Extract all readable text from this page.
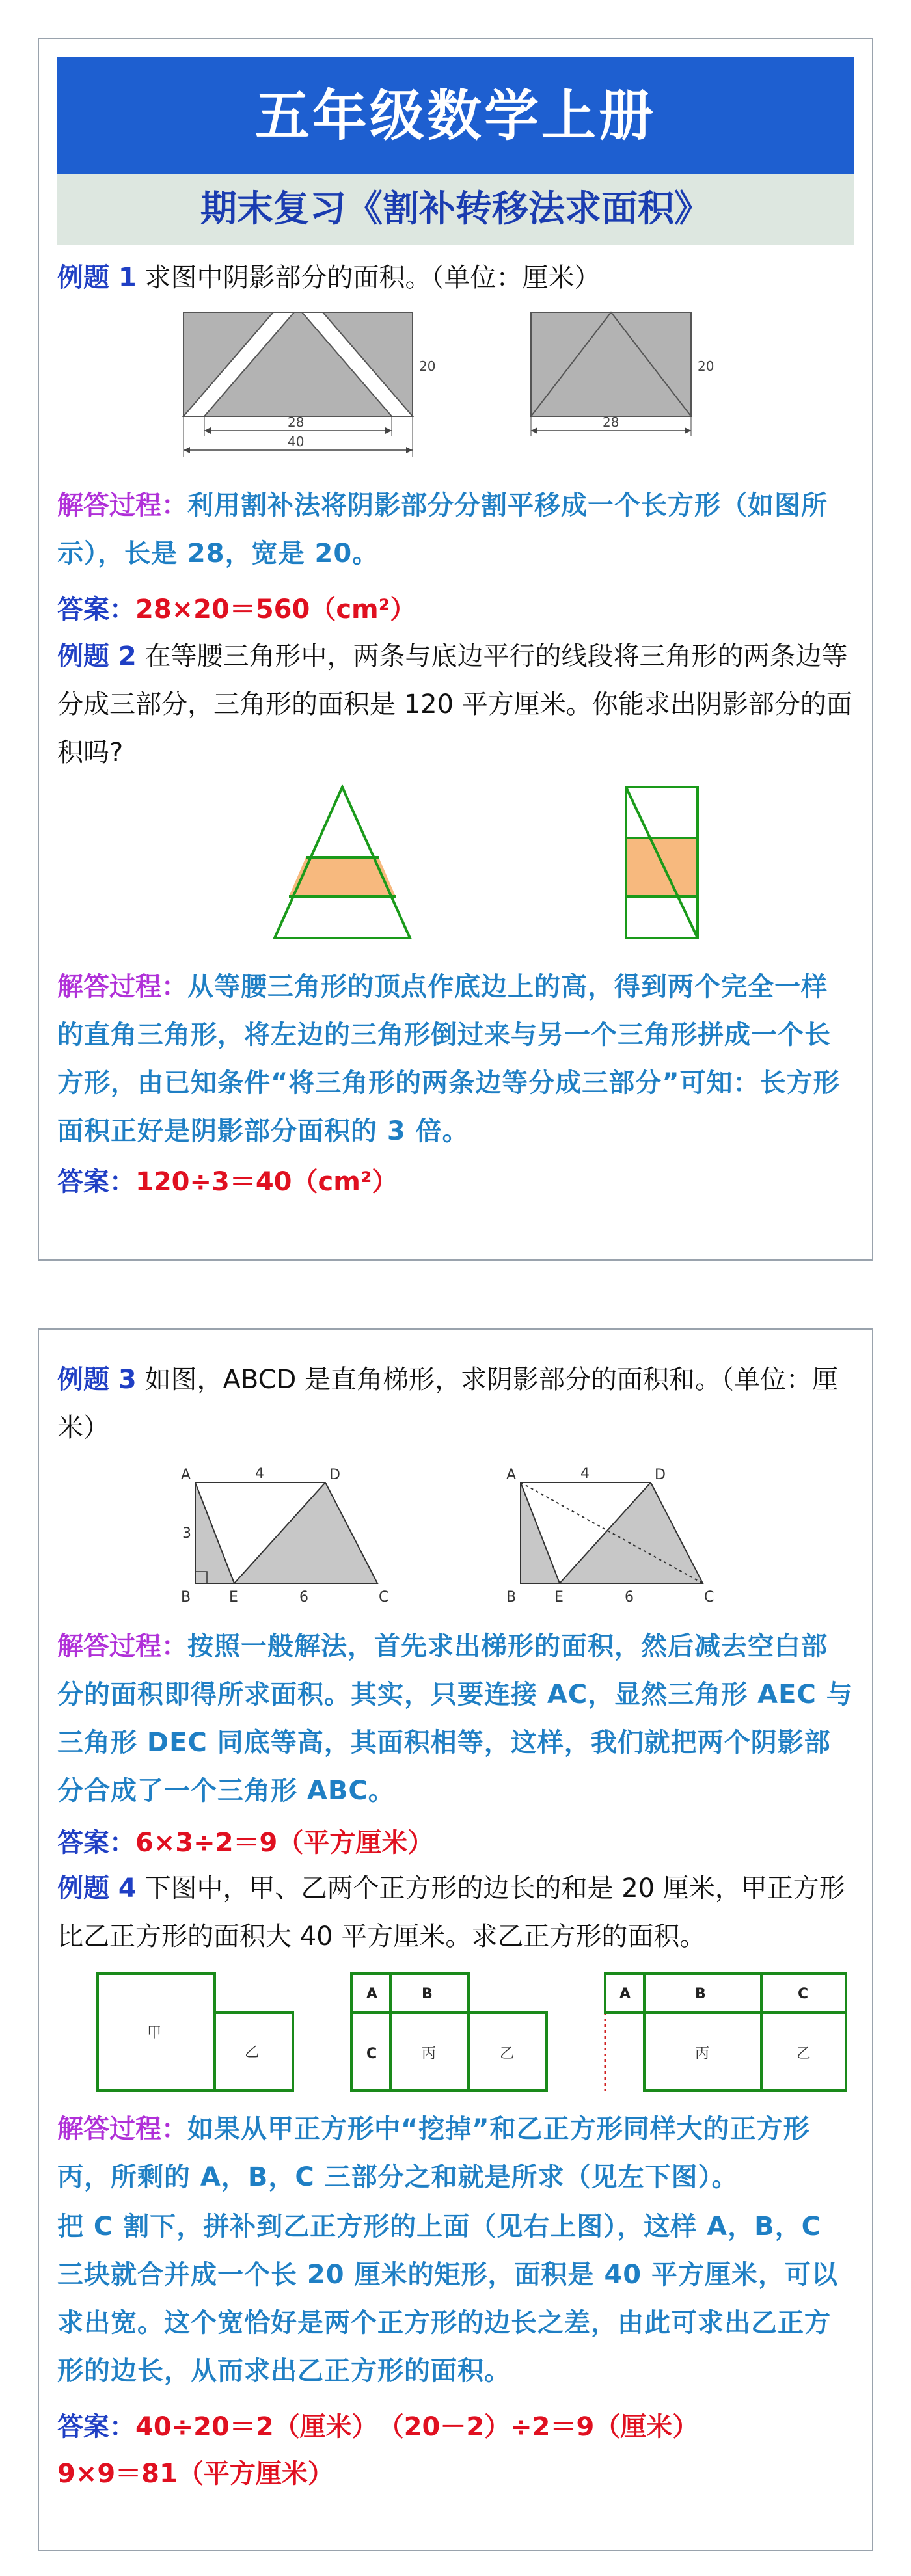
五年级数学上册
期末复习《割补转移法求面积》
例题 1 求图中阴影部分的面积。（单位：厘米）
20
28
40
20
28
解答过程：利用割补法将阴影部分分割平移成一个长方形（如图所示），长是 28，宽是 20。
答案：28×20＝560（cm²）
例题 2 在等腰三角形中，两条与底边平行的线段将三角形的两条边等分成三部分，三角形的面积是 120 平方厘米。你能求出阴影部分的面积吗?
解答过程：从等腰三角形的顶点作底边上的高，得到两个完全一样的直角三角形，将左边的三角形倒过来与另一个三角形拼成一个长方形，由已知条件“将三角形的两条边等分成三部分”可知：长方形面积正好是阴影部分面积的 3 倍。
答案：120÷3＝40（cm²）
例题 3 如图，ABCD 是直角梯形，求阴影部分的面积和。（单位：厘米）
A	D
B	E	C
4
3
6
A	D
B	E	C
4
6
解答过程：按照一般解法，首先求出梯形的面积，然后减去空白部分的面积即得所求面积。其实，只要连接 AC，显然三角形 AEC 与三角形 DEC 同底等高，其面积相等，这样，我们就把两个阴影部分合成了一个三角形 ABC。
答案：6×3÷2＝9（平方厘米）
例题 4 下图中，甲、乙两个正方形的边长的和是 20 厘米，甲正方形比乙正方形的面积大 40 平方厘米。求乙正方形的面积。
甲
乙
A	B
C	丙	乙
A	B	C
丙	乙
解答过程：如果从甲正方形中“挖掉”和乙正方形同样大的正方形丙，所剩的 A，B，C 三部分之和就是所求（见左下图）。
把 C 割下，拼补到乙正方形的上面（见右上图），这样 A，B，C 三块就合并成一个长 20 厘米的矩形，面积是 40 平方厘米，可以求出宽。这个宽恰好是两个正方形的边长之差，由此可求出乙正方形的边长，从而求出乙正方形的面积。
答案：40÷20＝2（厘米）　（20－2）÷2＝9（厘米）
9×9＝81（平方厘米）
